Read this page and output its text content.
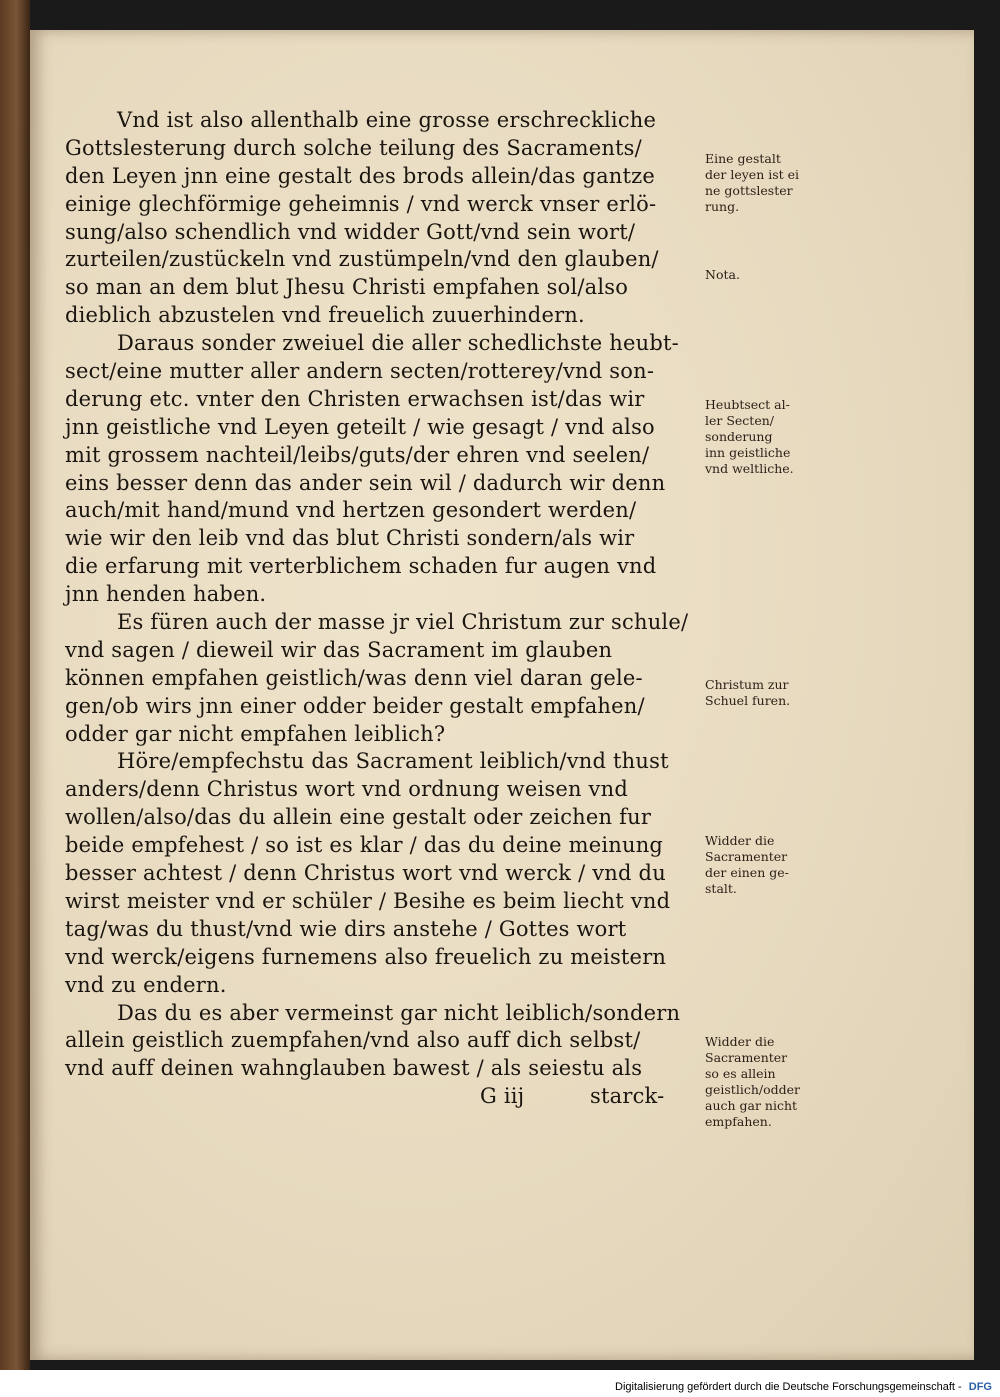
Vnd ist also allenthalb eine grosse erschreckliche
Gottslesterung durch solche teilung des Sacraments/
den Leyen jnn eine gestalt des brods allein/das gantze
einige glechförmige geheimnis / vnd werck vnser erlö-
sung/also schendlich vnd widder Gott/vnd sein wort/
zurteilen/zustückeln vnd zustümpeln/vnd den glauben/
so man an dem blut Jhesu Christi empfahen sol/also
dieblich abzustelen vnd freuelich zuuerhindern.
Daraus sonder zweiuel die aller schedlichste heubt-
sect/eine mutter aller andern secten/rotterey/vnd son-
derung etc. vnter den Christen erwachsen ist/das wir
jnn geistliche vnd Leyen geteilt / wie gesagt / vnd also
mit grossem nachteil/leibs/guts/der ehren vnd seelen/
eins besser denn das ander sein wil / dadurch wir denn
auch/mit hand/mund vnd hertzen gesondert werden/
wie wir den leib vnd das blut Christi sondern/als wir
die erfarung mit verterblichem schaden fur augen vnd
jnn henden haben.
Es füren auch der masse jr viel Christum zur schule/
vnd sagen / dieweil wir das Sacrament im glauben
können empfahen geistlich/was denn viel daran gele-
gen/ob wirs jnn einer odder beider gestalt empfahen/
odder gar nicht empfahen leiblich?
Höre/empfechstu das Sacrament leiblich/vnd thust
anders/denn Christus wort vnd ordnung weisen vnd
wollen/also/das du allein eine gestalt oder zeichen fur
beide empfehest / so ist es klar / das du deine meinung
besser achtest / denn Christus wort vnd werck / vnd du
wirst meister vnd er schüler / Besihe es beim liecht vnd
tag/was du thust/vnd wie dirs anstehe / Gottes wort
vnd werck/eigens furnemens also freuelich zu meistern
vnd zu endern.
Das du es aber vermeinst gar nicht leiblich/sondern
allein geistlich zuempfahen/vnd also auff dich selbst/
vnd auff deinen wahnglauben bawest / als seiestu als
G iij	starck-
Eine gestalt
der leyen ist ei
ne gottslester
rung.
Nota.
Heubtsect al-
ler Secten/
sonderung
inn geistliche
vnd weltliche.
Christum zur
Schuel furen.
Widder die
Sacramenter
der einen ge-
stalt.
Widder die
Sacramenter
so es allein
geistlich/odder
auch gar nicht
empfahen.
Digitalisierung gefördert durch die Deutsche Forschungsgemeinschaft - DFG
